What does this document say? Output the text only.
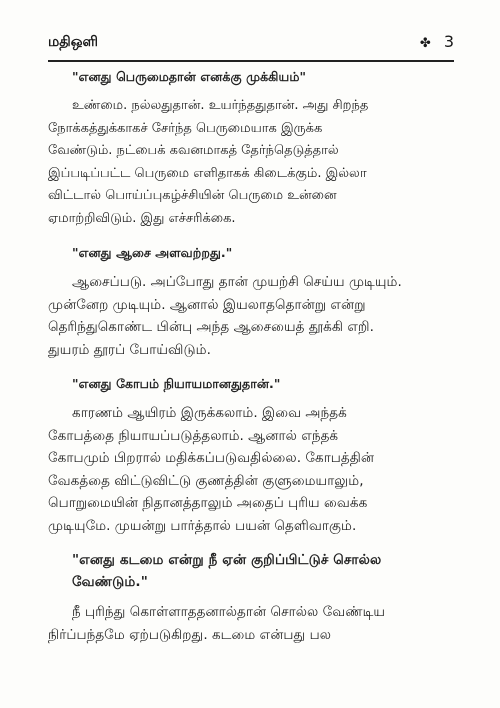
மதிஒளி	✤ 3

"எனது பெருமைதான் எனக்கு முக்கியம்"

உண்மை. நல்லதுதான். உயர்ந்ததுதான். அது சிறந்த
நோக்கத்துக்காகச் சேர்ந்த பெருமையாக இருக்க
வேண்டும். நட்பைக் கவனமாகத் தேர்ந்தெடுத்தால்
இப்படிப்பட்ட பெருமை எளிதாகக் கிடைக்கும். இல்லா
விட்டால் பொய்ப்புகழ்ச்சியின் பெருமை உன்னை
ஏமாற்றிவிடும். இது எச்சரிக்கை.

"எனது ஆசை அளவற்றது."

ஆசைப்படு. அப்போது தான் முயற்சி செய்ய முடியும்.
முன்னேற முடியும். ஆனால் இயலாததொன்று என்று
தெரிந்துகொண்ட பின்பு அந்த ஆசையைத் தூக்கி எறி.
துயரம் தூரப் போய்விடும்.

"எனது கோபம் நியாயமானதுதான்."

காரணம் ஆயிரம் இருக்கலாம். இவை அந்தக்
கோபத்தை நியாயப்படுத்தலாம். ஆனால் எந்தக்
கோபமும் பிறரால் மதிக்கப்படுவதில்லை. கோபத்தின்
வேகத்தை விட்டுவிட்டு குணத்தின் குளுமையாலும்,
பொறுமையின் நிதானத்தாலும் அதைப் புரிய வைக்க
முடியுமே. முயன்று பார்த்தால் பயன் தெளிவாகும்.

"எனது கடமை என்று நீ ஏன் குறிப்பிட்டுச் சொல்ல
வேண்டும்."

நீ புரிந்து கொள்ளாததனால்தான் சொல்ல வேண்டிய
நிர்ப்பந்தமே ஏற்படுகிறது. கடமை என்பது பல
